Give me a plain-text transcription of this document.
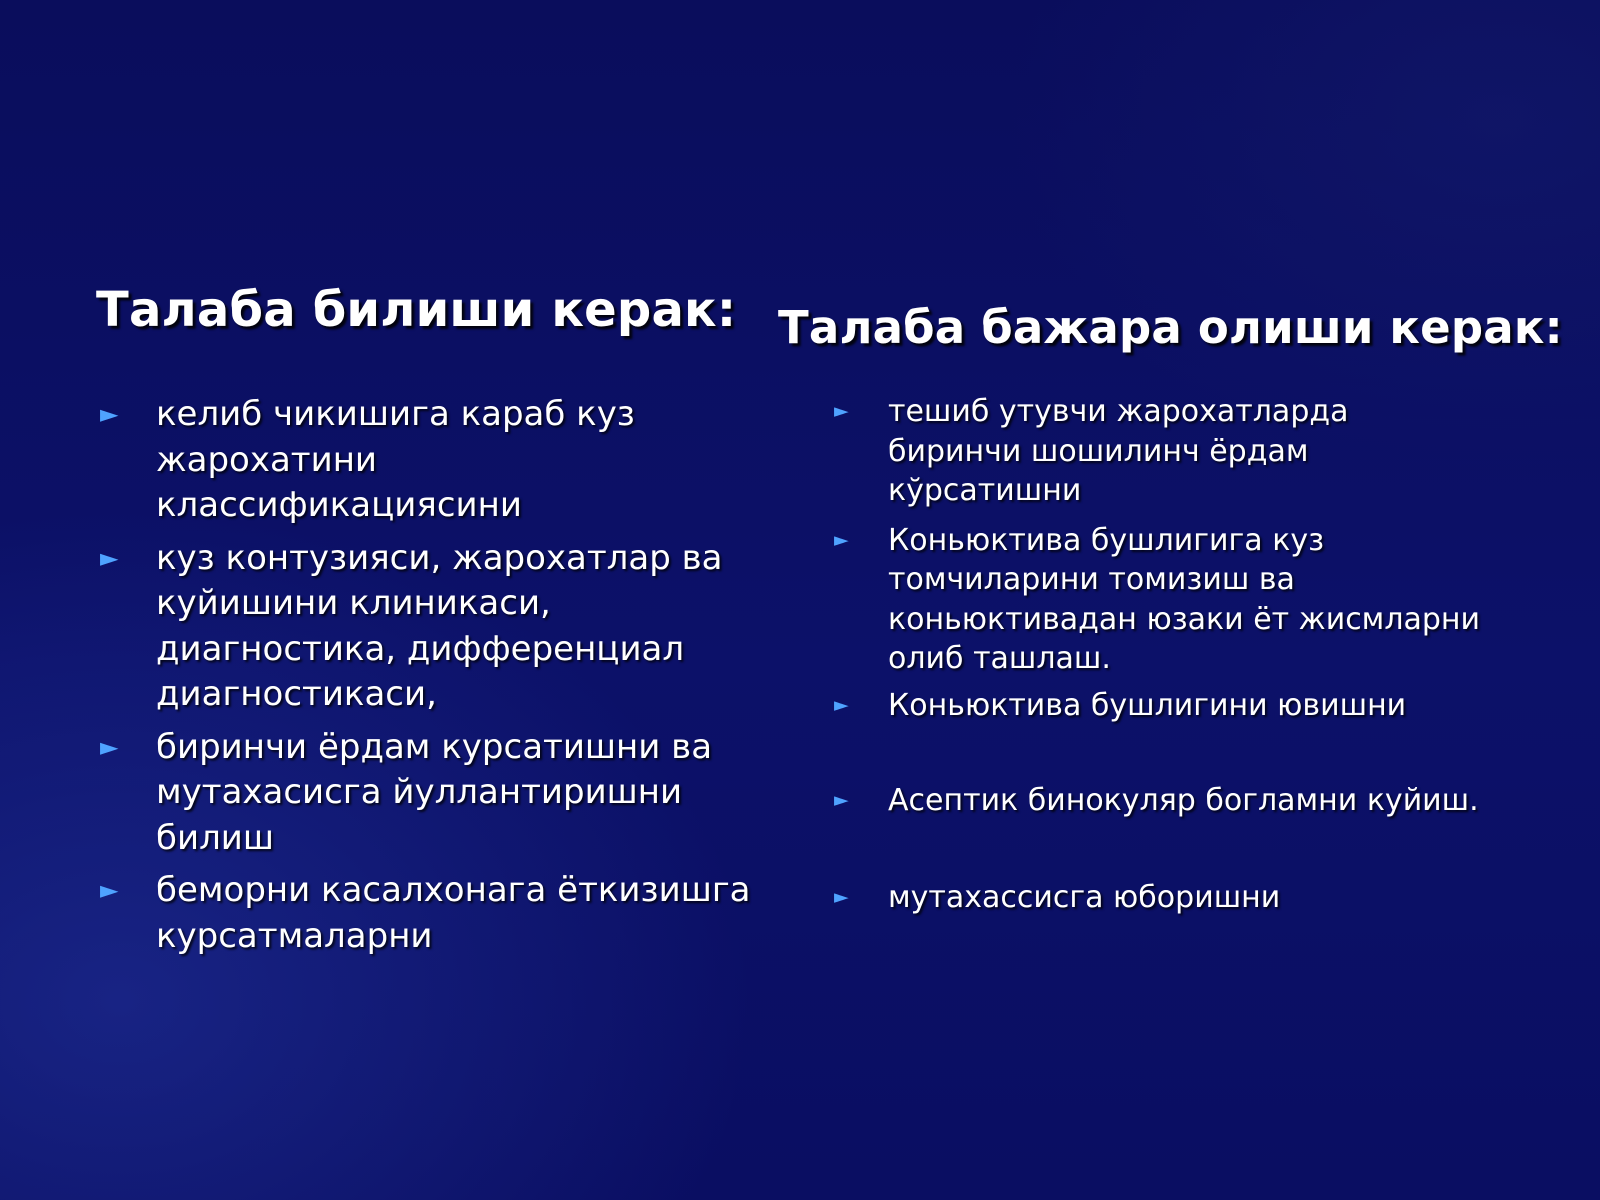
Талаба билиши керак:
► келиб чикишига караб куз
жарохатини
классификациясини
► куз контузияси, жарохатлар ва
куйишини клиникаси,
диагностика, дифференциал
диагностикаси,
► биринчи ёрдам курсатишни ва
мутахасисга йуллантиришни
билиш
► беморни касалхонага ёткизишга
курсатмаларни
Талаба бажара олиши керак:
► тешиб утувчи жарохатларда
биринчи шошилинч ёрдам
кўрсатишни
► Коньюктива бушлигига куз
томчиларини томизиш ва
коньюктивадан юзаки ёт жисмларни
олиб ташлаш.
► Коньюктива бушлигини ювишни
► Асептик бинокуляр богламни куйиш.
► мутахассисга юборишни
